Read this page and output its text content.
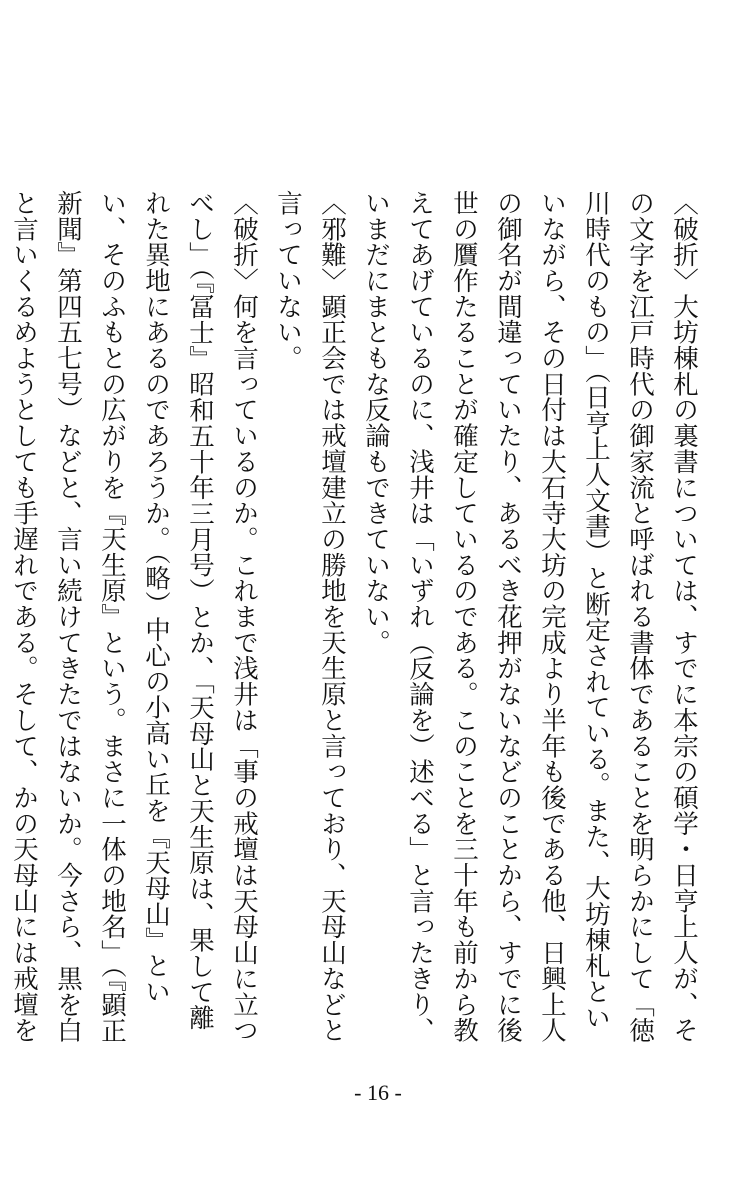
〈破折〉大坊棟札の裏書については、すでに本宗の碩学・日亨上人が、その文字を江戸時代の御家流と呼ばれる書体であることを明らかにして「徳川時代のもの」（日亨上人文書）と断定されている。また、大坊棟札といいながら、その日付は大石寺大坊の完成より半年も後である他、日興上人の御名が間違っていたり、あるべき花押がないなどのことから、すでに後世の贋作たることが確定しているのである。このことを三十年も前から教えてあげているのに、浅井は「いずれ（反論を）述べる」と言ったきり、いまだにまともな反論もできていない。

〈邪難〉顕正会では戒壇建立の勝地を天生原と言っており、天母山などと言っていない。

〈破折〉何を言っているのか。これまで浅井は「事の戒壇は天母山に立つべし」（『冨士』昭和五十年三月号）とか、「天母山と天生原は、果して離れた異地にあるのであろうか。（略）中心の小高い丘を『天母山』といい、そのふもとの広がりを『天生原』という。まさに一体の地名」（『顕正新聞』第四五七号）などと、言い続けてきたではないか。今さら、黒を白と言いくるめようとしても手遅れである。そして、かの天母山には戒壇を

- 16 -
